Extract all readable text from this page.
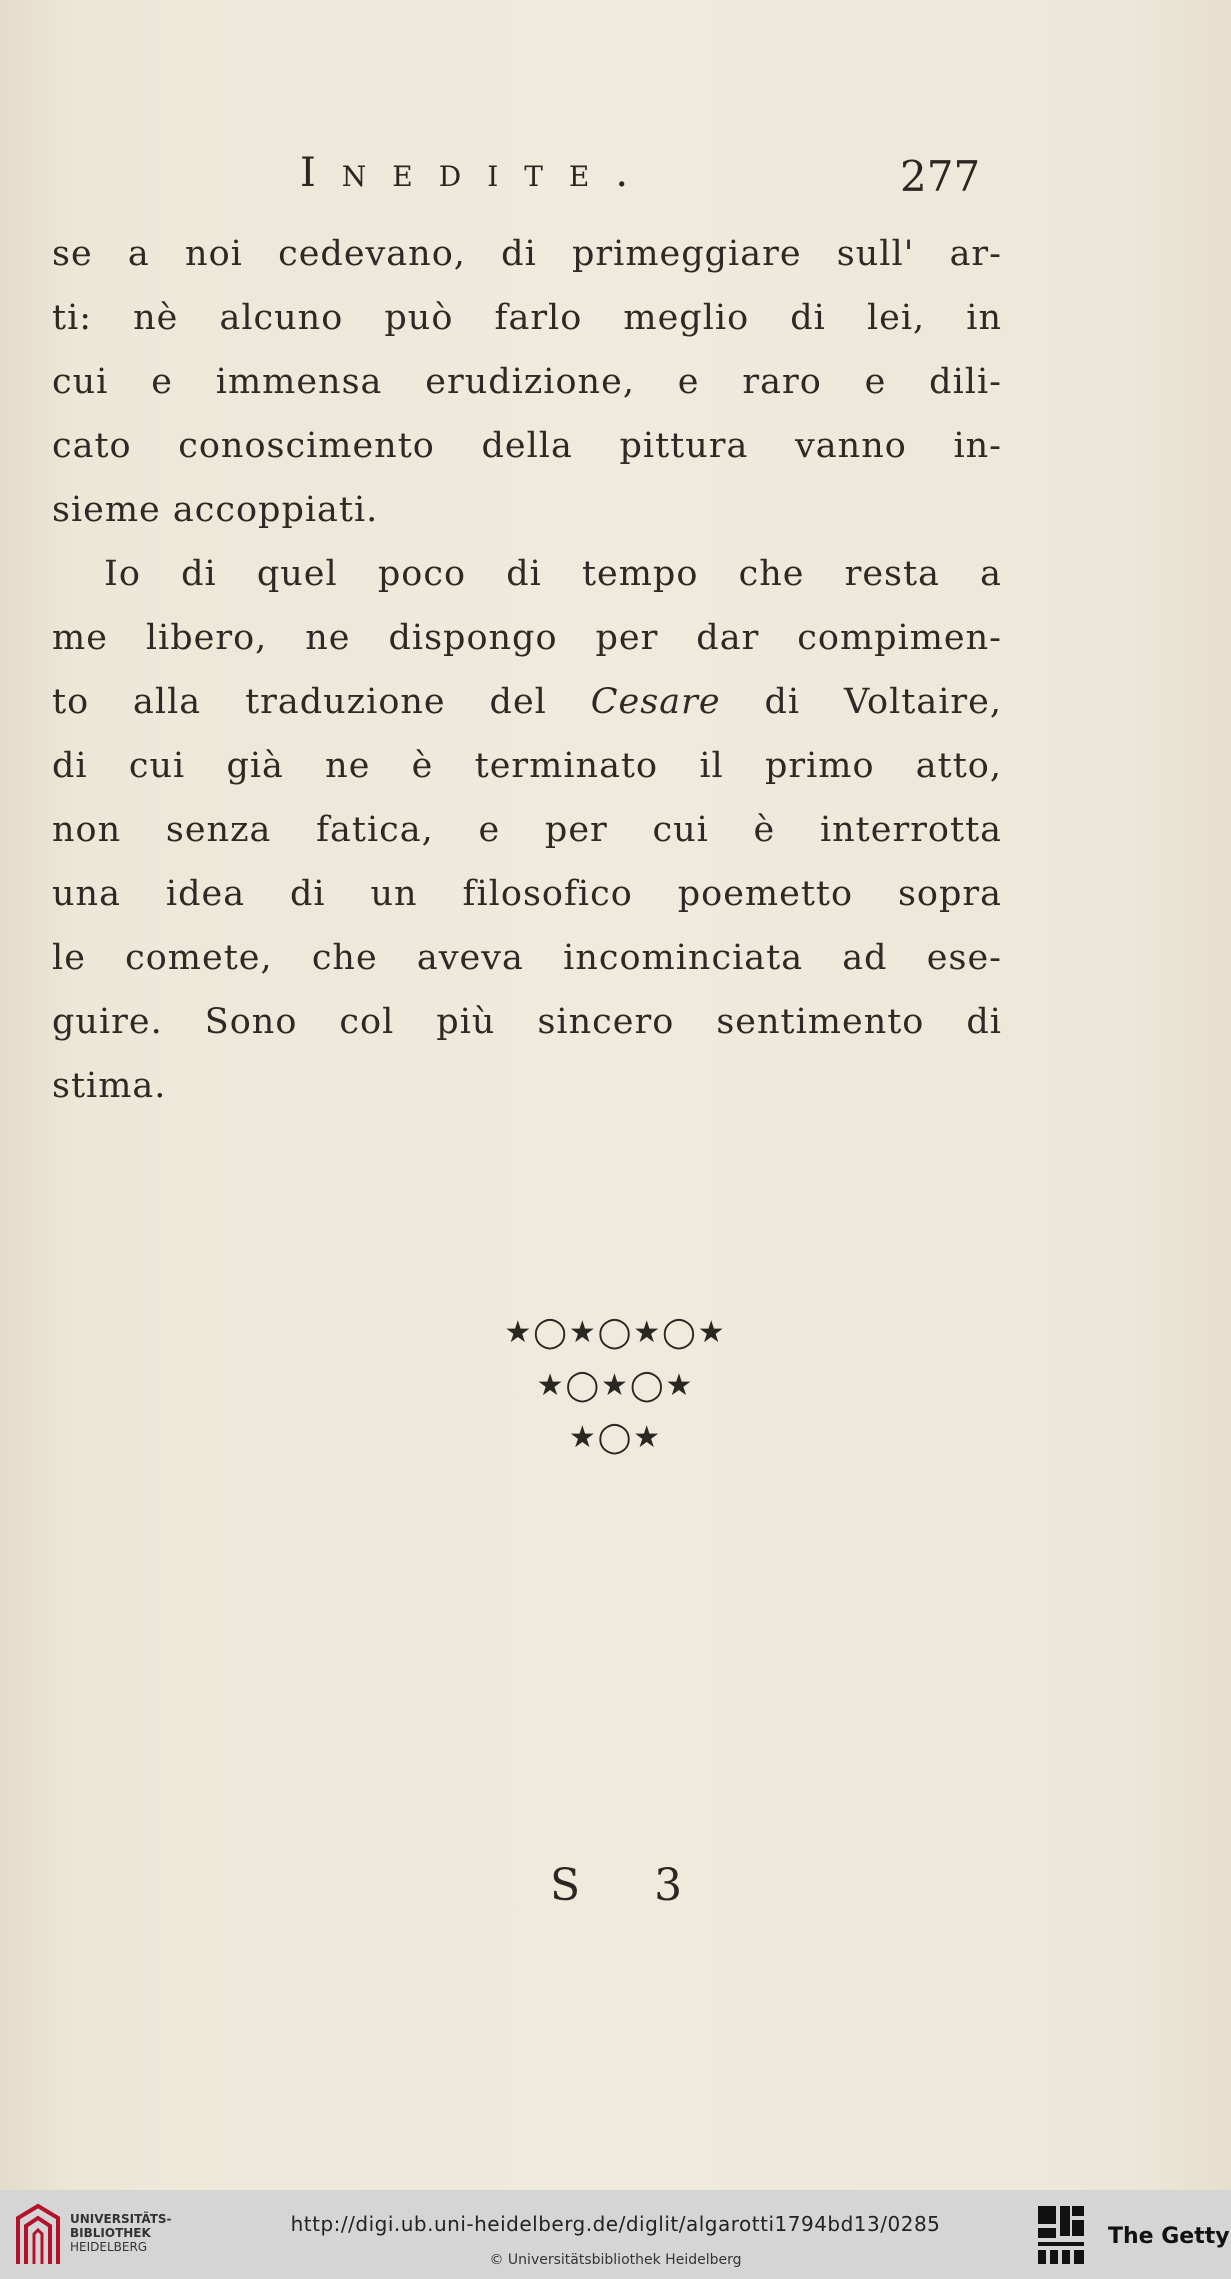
Inedite.	277
se a noi cedevano, di primeggiare sull' ar-
ti: nè alcuno può farlo meglio di lei, in
cui e immensa erudizione, e raro e dili-
cato conoscimento della pittura vanno in-
sieme accoppiati.
Io di quel poco di tempo che resta a
me libero, ne dispongo per dar compimen-
to alla traduzione del Cesare di Voltaire,
di cui già ne è terminato il primo atto,
non senza fatica, e per cui è interrotta
una idea di un filosofico poemetto sopra
le comete, che aveva incominciata ad ese-
guire. Sono col più sincero sentimento di
stima.
★◯★◯★◯★
★◯★◯★
★◯★
S 3
UNIVERSITÄTS-
BIBLIOTHEK
HEIDELBERG
http://digi.ub.uni-heidelberg.de/diglit/algarotti1794bd13/0285
© Universitätsbibliothek Heidelberg
The Getty
